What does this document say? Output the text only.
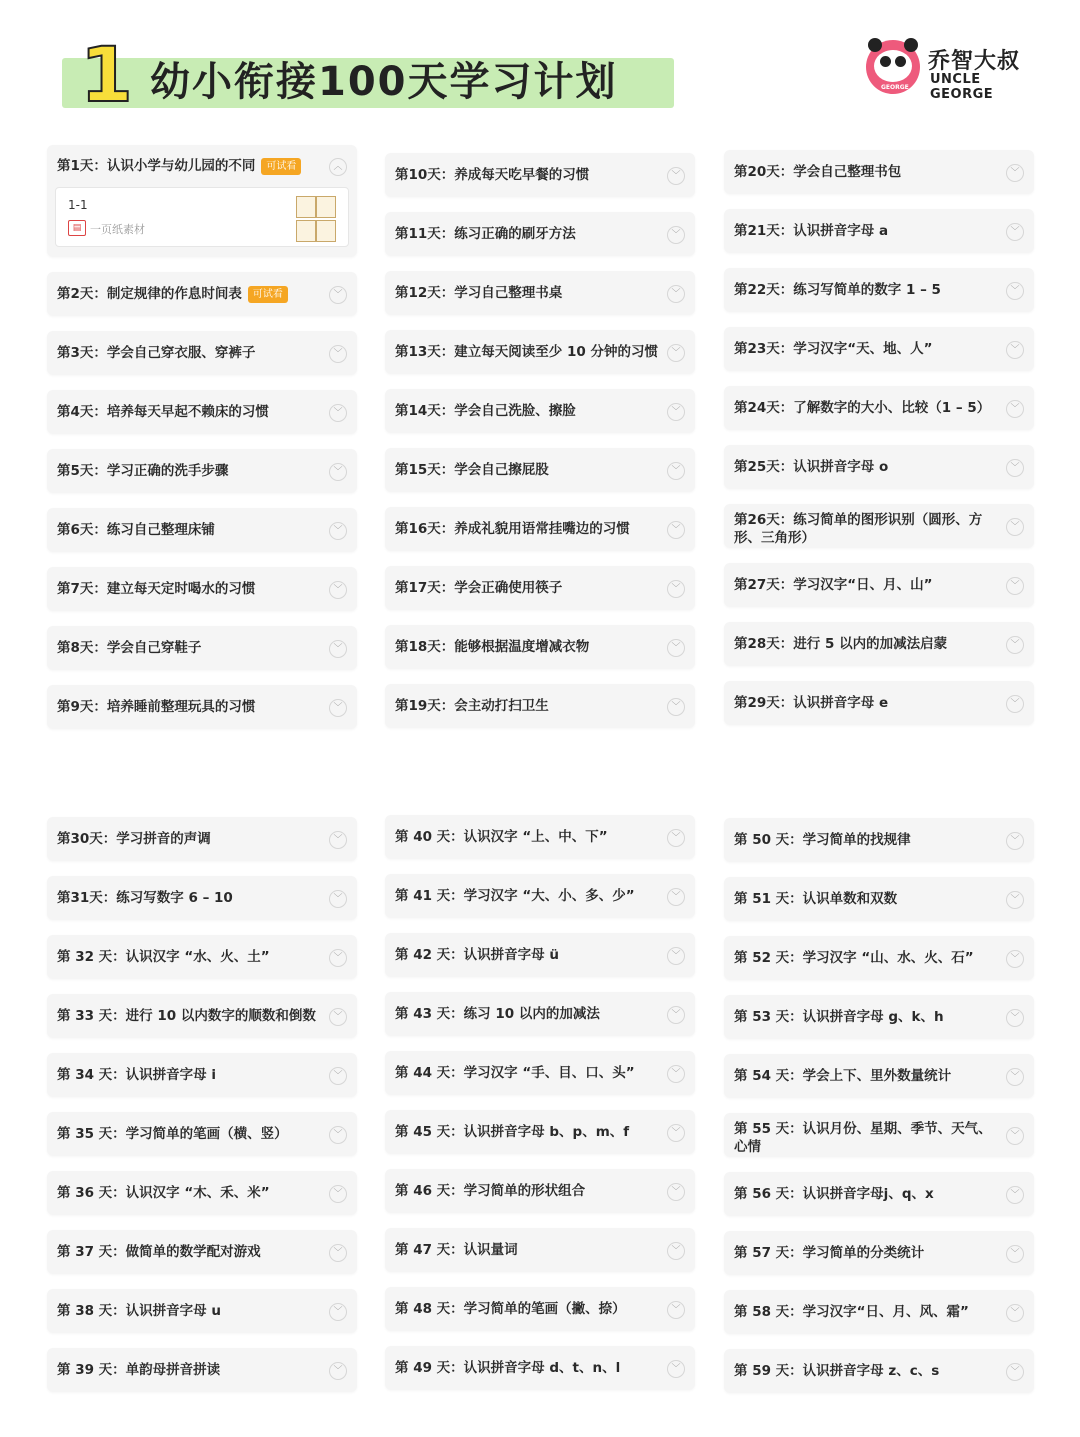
1 幼小衔接100天学习计划	GEORGE
乔智大叔
UNCLE GEORGE
第1天：认识小学与幼儿园的不同 可试看	︿
1-1
▤ 一页纸素材
第2天：制定规律的作息时间表 可试看	﹀
第3天：学会自己穿衣服、穿裤子	﹀
第4天：培养每天早起不赖床的习惯	﹀
第5天：学习正确的洗手步骤	﹀
第6天：练习自己整理床铺	﹀
第7天：建立每天定时喝水的习惯	﹀
第8天：学会自己穿鞋子	﹀
第9天：培养睡前整理玩具的习惯	﹀
第10天：养成每天吃早餐的习惯	﹀
第11天：练习正确的刷牙方法	﹀
第12天：学习自己整理书桌	﹀
第13天：建立每天阅读至少 10 分钟的习惯	﹀
第14天：学会自己洗脸、擦脸	﹀
第15天：学会自己擦屁股	﹀
第16天：养成礼貌用语常挂嘴边的习惯	﹀
第17天：学会正确使用筷子	﹀
第18天：能够根据温度增减衣物	﹀
第19天：会主动打扫卫生	﹀
第20天：学会自己整理书包	﹀
第21天：认识拼音字母 a	﹀
第22天：练习写简单的数字 1 – 5	﹀
第23天：学习汉字“天、地、人”	﹀
第24天：了解数字的大小、比较（1 – 5）	﹀
第25天：认识拼音字母 o	﹀
第26天：练习简单的图形识别（圆形、方形、三角形）
﹀
第27天：学习汉字“日、月、山”	﹀
第28天：进行 5 以内的加减法启蒙	﹀
第29天：认识拼音字母 e	﹀
第30天：学习拼音的声调	﹀
第31天：练习写数字 6 – 10	﹀
第 32 天：认识汉字 “水、火、土”	﹀
第 33 天：进行 10 以内数字的顺数和倒数	﹀
第 34 天：认识拼音字母 i	﹀
第 35 天：学习简单的笔画（横、竖）	﹀
第 36 天：认识汉字 “木、禾、米”	﹀
第 37 天：做简单的数学配对游戏	﹀
第 38 天：认识拼音字母 u	﹀
第 39 天：单韵母拼音拼读	﹀
第 40 天：认识汉字 “上、中、下”	﹀
第 41 天：学习汉字 “大、小、多、少”	﹀
第 42 天：认识拼音字母 ü	﹀
第 43 天：练习 10 以内的加减法	﹀
第 44 天：学习汉字 “手、目、口、头”	﹀
第 45 天：认识拼音字母 b、p、m、f	﹀
第 46 天：学习简单的形状组合	﹀
第 47 天：认识量词	﹀
第 48 天：学习简单的笔画（撇、捺）	﹀
第 49 天：认识拼音字母 d、t、n、l	﹀
第 50 天：学习简单的找规律	﹀
第 51 天：认识单数和双数	﹀
第 52 天：学习汉字 “山、水、火、石”	﹀
第 53 天：认识拼音字母 g、k、h	﹀
第 54 天：学会上下、里外数量统计	﹀
第 55 天：认识月份、星期、季节、天气、心情
﹀
第 56 天：认识拼音字母j、q、x	﹀
第 57 天：学习简单的分类统计	﹀
第 58 天：学习汉字“日、月、风、霜”	﹀
第 59 天：认识拼音字母 z、c、s	﹀
